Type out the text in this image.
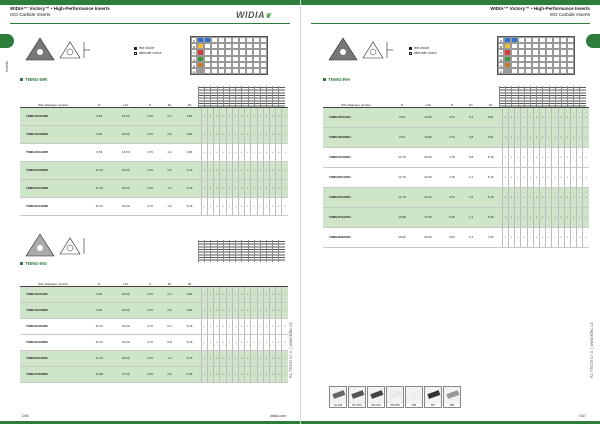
WIDIA™ Victory™ • High-Performance Inserts
ISO Carbide Inserts	WIDIA❦
Inserts
first choice
alternate choice
P
M
K
N
S
H
TNMG-MR
ISO catalogue number	D	L10	S	Rε	D1														
TNMG160404MR	9,53	16,50	4,76	0,4	3,81	•	•	•	•	•	•	•	•	•	•	•	•	•	•
TNMG160408MR	9,53	16,50	4,76	0,8	3,81	•	•	•	•	•	•	•	•	•	•	•	•	•	•
TNMG160412MR	9,53	16,50	4,76	1,2	3,81	•	•	•	•	•	•	•	•	•	•	•	•	•	•
TNMG220408MR	12,70	22,00	4,76	0,8	5,16	•	•	•	•	•	•	•	•	•	•	•	•	•	•
TNMG220412MR	12,70	22,00	4,76	1,2	5,16	•	•	•	•	•	•	•	•	•	•	•	•	•	•
TNMG220416MR	12,70	22,00	4,76	1,6	5,16	•	•	•	•	•	•	•	•	•	•	•	•	•	•
TNMG-MS
ISO catalogue number	D	L10	S	Rε	D1														
TNMG160404MS	9,53	16,50	4,76	0,4	3,81	•	•	•	•	•	•	•	•	•	•	•	•	•	•
TNMG160408MS	9,53	16,50	4,76	0,8	3,81	•	•	•	•	•	•	•	•	•	•	•	•	•	•
TNMG220404MS	12,70	22,00	4,76	0,4	5,16	•	•	•	•	•	•	•	•	•	•	•	•	•	•
TNMG220408MS	12,70	22,00	4,76	0,8	5,16	•	•	•	•	•	•	•	•	•	•	•	•	•	•
TNMG220412MS	12,70	22,00	4,76	1,2	5,16	•	•	•	•	•	•	•	•	•	•	•	•	•	•
TNMG270608MS	15,88	27,50	6,35	0,8	6,35	•	•	•	•	•	•	•	•	•	•	•	•	•	• KL-TECH s.r.o. | www.kltec.cz
D46	widia.com
WIDIA™ Victory™ • High-Performance Inserts
ISO Carbide Inserts
first choice
alternate choice
P
M
K
N
S
H
TNMG-RH
ISO catalogue number	D	L10	S	Rε	D1														
TNMG160404RH	9,53	16,50	4,76	0,4	3,81	•	•	•	•	•	•	•	•	•	•	•	•	•	•
TNMG160408RH	9,53	16,50	4,76	0,8	3,81	•	•	•	•	•	•	•	•	•	•	•	•	•	•
TNMG220408RH	12,70	22,00	4,76	0,8	5,16	•	•	•	•	•	•	•	•	•	•	•	•	•	•
TNMG220412RH	12,70	22,00	4,76	1,2	5,16	•	•	•	•	•	•	•	•	•	•	•	•	•	•
TNMG220416RH	12,70	22,00	4,76	1,6	5,16	•	•	•	•	•	•	•	•	•	•	•	•	•	•
TNMG270612RH	15,88	27,50	6,35	1,2	6,35	•	•	•	•	•	•	•	•	•	•	•	•	•	•
TNMG330924RH	19,05	33,00	9,53	2,4	7,93	•	•	•	•	•	•	•	•	•	•	•	•	•	•
D1-D46	D47-D51	D52-D53	D54-D55	D56	D57	D58
KL-TECH s.r.o. | www.kltec.cz
D47
